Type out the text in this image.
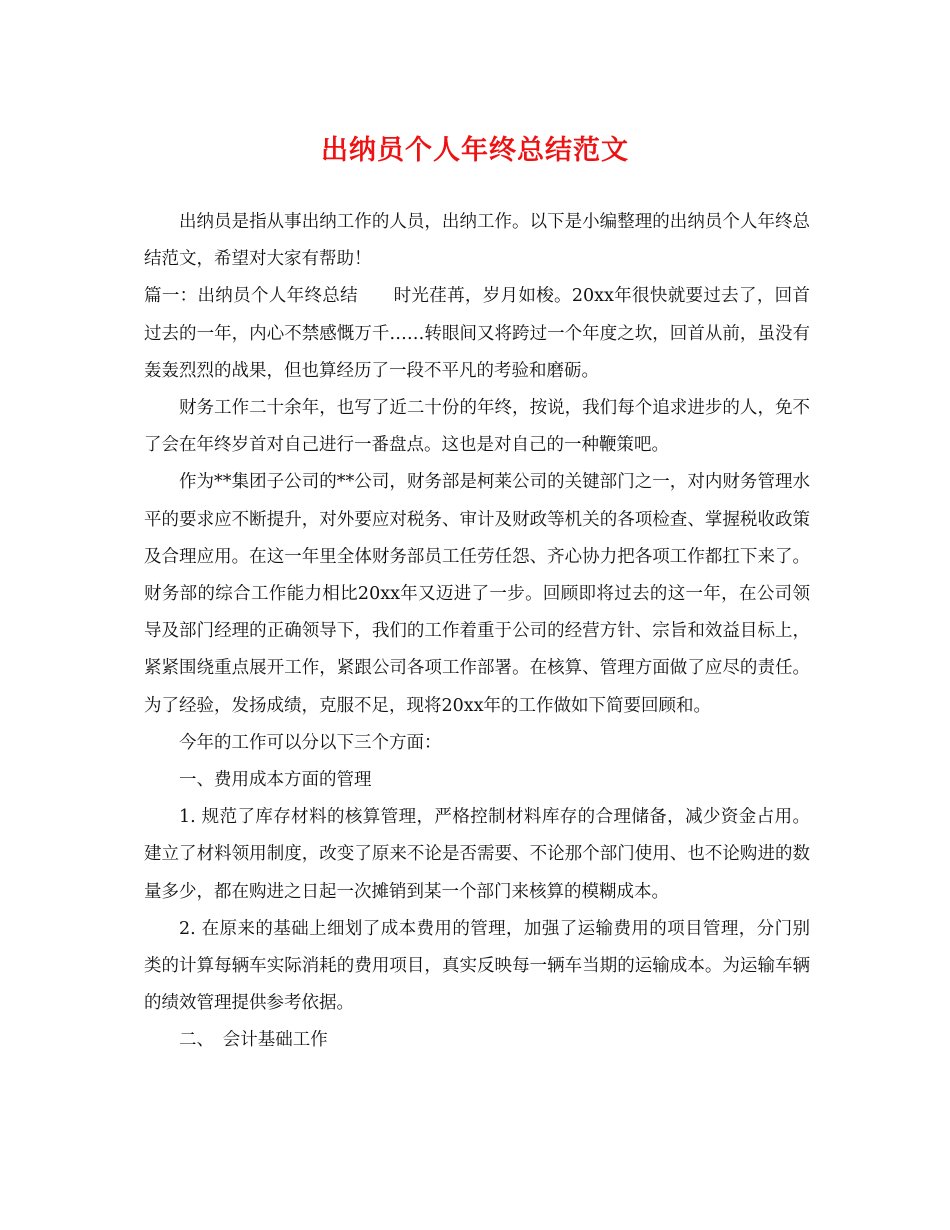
出纳员个人年终总结范文

出纳员是指从事出纳工作的人员，出纳工作。以下是小编整理的出纳员个人年终总结范文，希望对大家有帮助！

篇一：出纳员个人年终总结　　时光荏苒，岁月如梭。20xx年很快就要过去了，回首过去的一年，内心不禁感慨万千……转眼间又将跨过一个年度之坎，回首从前，虽没有轰轰烈烈的战果，但也算经历了一段不平凡的考验和磨砺。

财务工作二十余年，也写了近二十份的年终，按说，我们每个追求进步的人，免不了会在年终岁首对自己进行一番盘点。这也是对自己的一种鞭策吧。

作为**集团子公司的**公司，财务部是柯莱公司的关键部门之一，对内财务管理水平的要求应不断提升，对外要应对税务、审计及财政等机关的各项检查、掌握税收政策及合理应用。在这一年里全体财务部员工任劳任怨、齐心协力把各项工作都扛下来了。财务部的综合工作能力相比20xx年又迈进了一步。回顾即将过去的这一年，在公司领导及部门经理的正确领导下，我们的工作着重于公司的经营方针、宗旨和效益目标上，紧紧围绕重点展开工作，紧跟公司各项工作部署。在核算、管理方面做了应尽的责任。为了经验，发扬成绩，克服不足，现将20xx年的工作做如下简要回顾和。

今年的工作可以分以下三个方面：

一、费用成本方面的管理

1. 规范了库存材料的核算管理，严格控制材料库存的合理储备，减少资金占用。建立了材料领用制度，改变了原来不论是否需要、不论那个部门使用、也不论购进的数量多少，都在购进之日起一次摊销到某一个部门来核算的模糊成本。

2. 在原来的基础上细划了成本费用的管理，加强了运输费用的项目管理，分门别类的计算每辆车实际消耗的费用项目，真实反映每一辆车当期的运输成本。为运输车辆的绩效管理提供参考依据。

二、　会计基础工作
